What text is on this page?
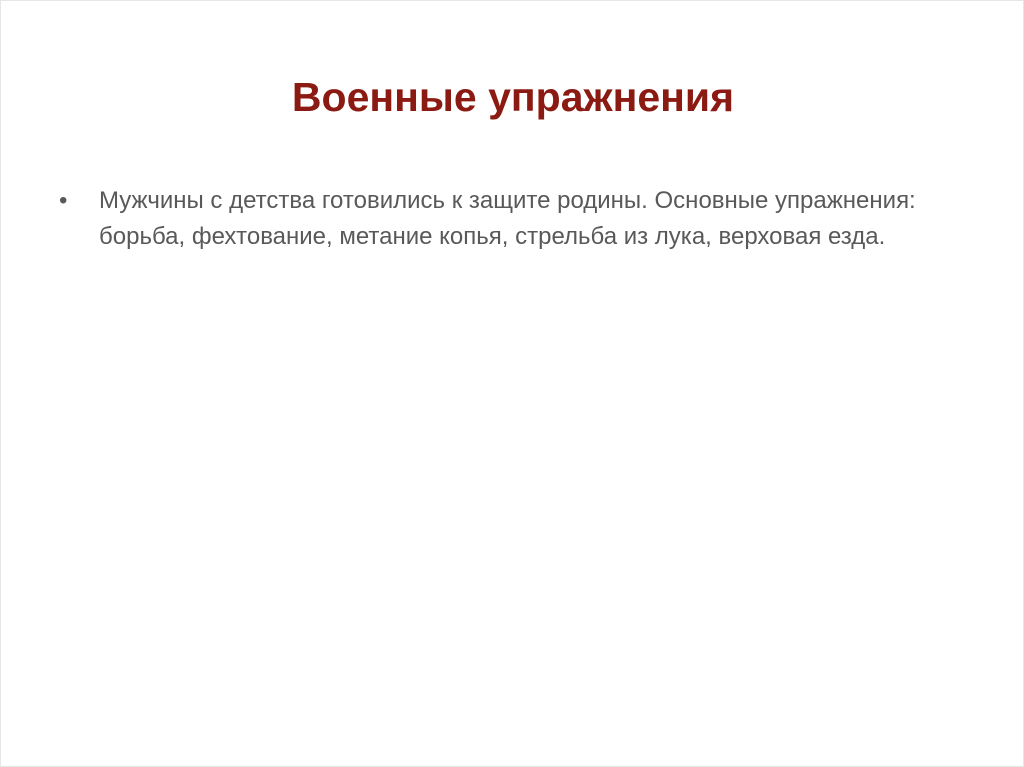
Военные упражнения
•	Мужчины с детства готовились к защите родины. Основные упражнения: борьба, фехтование, метание копья, стрельба из лука, верховая езда.
